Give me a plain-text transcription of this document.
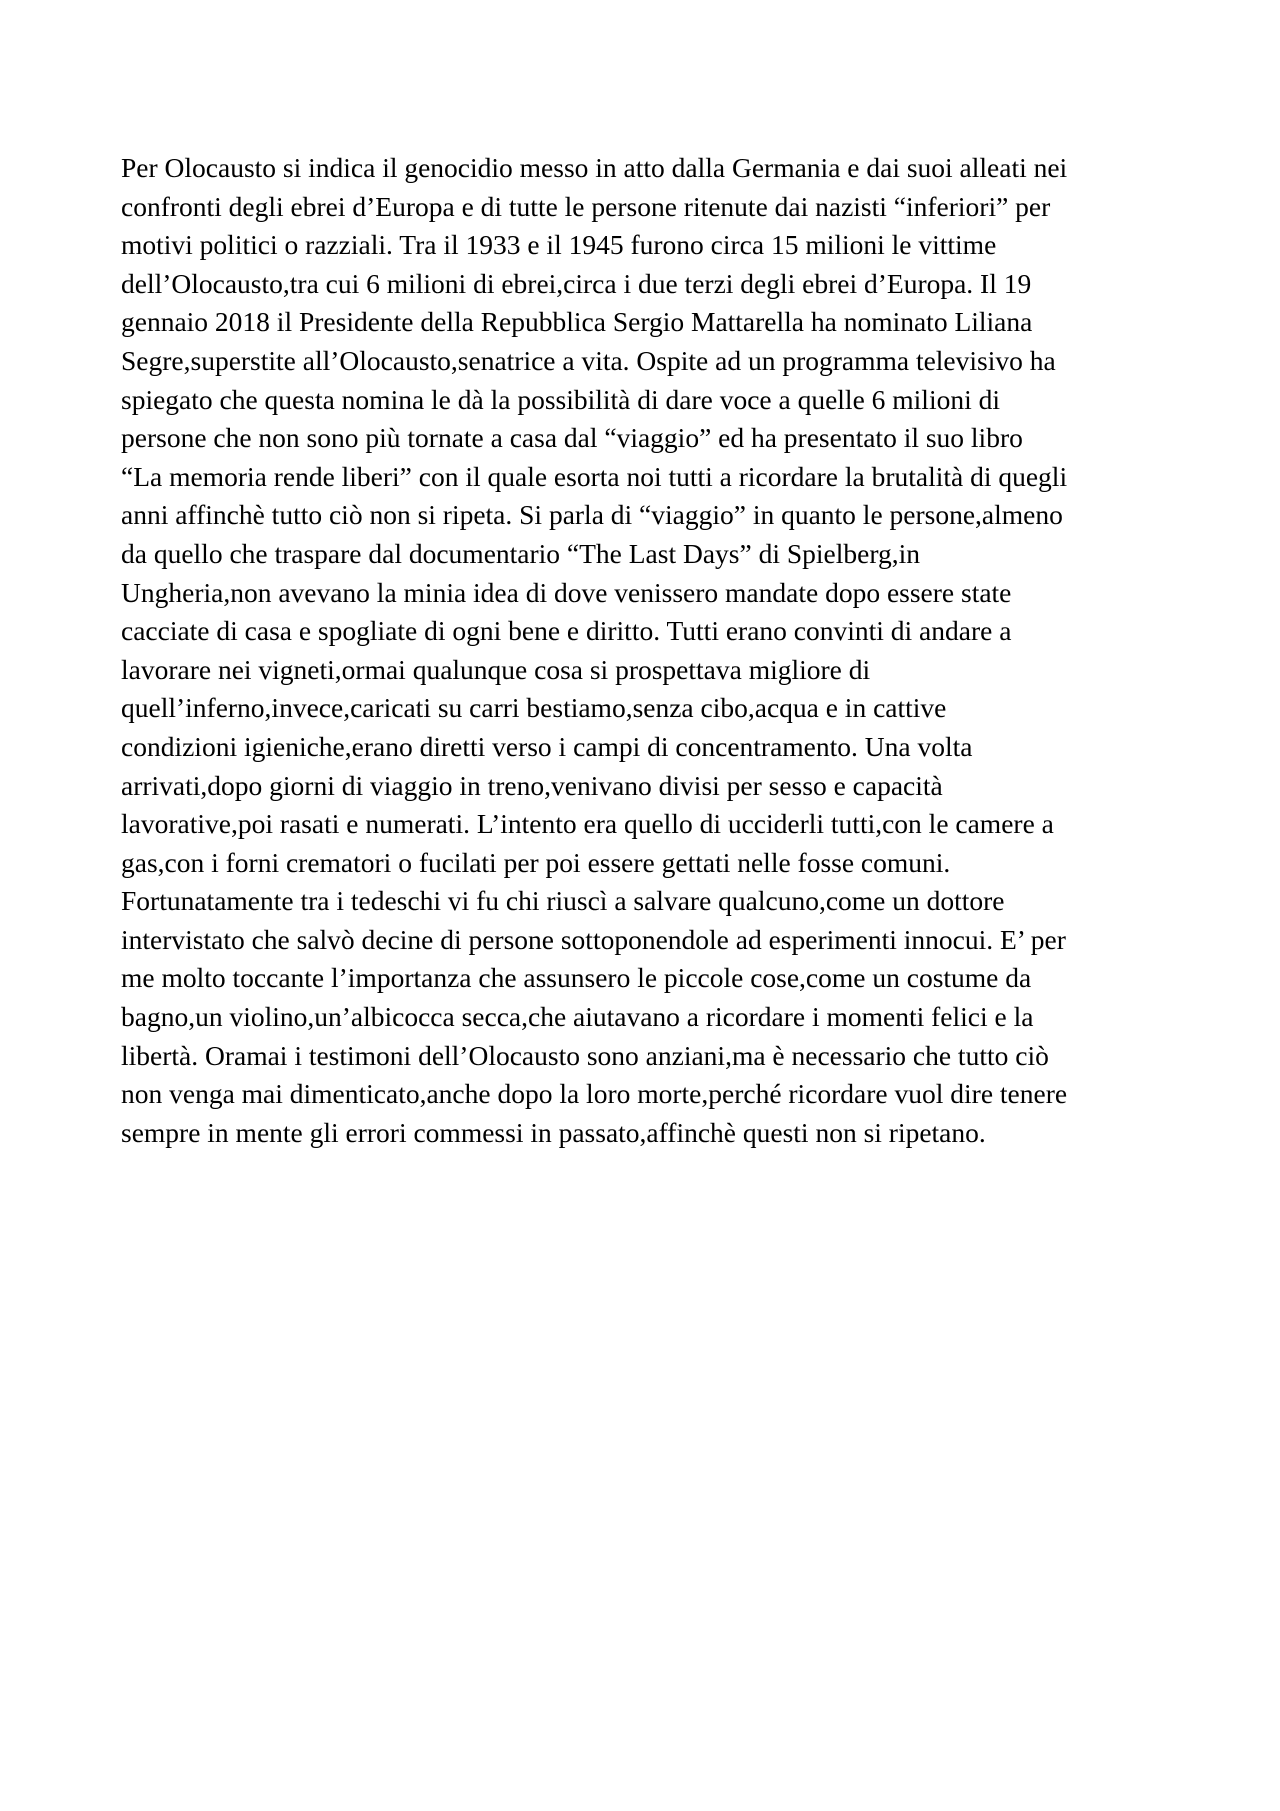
Per Olocausto si indica il genocidio messo in atto dalla Germania e dai suoi alleati nei
confronti degli ebrei d’Europa e di tutte le persone ritenute dai nazisti “inferiori” per
motivi politici o razziali. Tra il 1933 e il 1945 furono circa 15 milioni le vittime
dell’Olocausto,tra cui 6 milioni di ebrei,circa i due terzi degli ebrei d’Europa. Il 19
gennaio 2018 il Presidente della Repubblica Sergio Mattarella ha nominato Liliana
Segre,superstite all’Olocausto,senatrice a vita. Ospite ad un programma televisivo ha
spiegato che questa nomina le dà la possibilità di dare voce a quelle 6 milioni di
persone che non sono più tornate a casa dal “viaggio” ed ha presentato il suo libro
“La memoria rende liberi” con il quale esorta noi tutti a ricordare la brutalità di quegli
anni affinchè tutto ciò non si ripeta. Si parla di “viaggio” in quanto le persone,almeno
da quello che traspare dal documentario “The Last Days” di Spielberg,in
Ungheria,non avevano la minia idea di dove venissero mandate dopo essere state
cacciate di casa e spogliate di ogni bene e diritto. Tutti erano convinti di andare a
lavorare nei vigneti,ormai qualunque cosa si prospettava migliore di
quell’inferno,invece,caricati su carri bestiamo,senza cibo,acqua e in cattive
condizioni igieniche,erano diretti verso i campi di concentramento. Una volta
arrivati,dopo giorni di viaggio in treno,venivano divisi per sesso e capacità
lavorative,poi rasati e numerati. L’intento era quello di ucciderli tutti,con le camere a
gas,con i forni crematori o fucilati per poi essere gettati nelle fosse comuni.
Fortunatamente tra i tedeschi vi fu chi riuscì a salvare qualcuno,come un dottore
intervistato che salvò decine di persone sottoponendole ad esperimenti innocui. E’ per
me molto toccante l’importanza che assunsero le piccole cose,come un costume da
bagno,un violino,un’albicocca secca,che aiutavano a ricordare i momenti felici e la
libertà. Oramai i testimoni dell’Olocausto sono anziani,ma è necessario che tutto ciò
non venga mai dimenticato,anche dopo la loro morte,perché ricordare vuol dire tenere
sempre in mente gli errori commessi in passato,affinchè questi non si ripetano.
